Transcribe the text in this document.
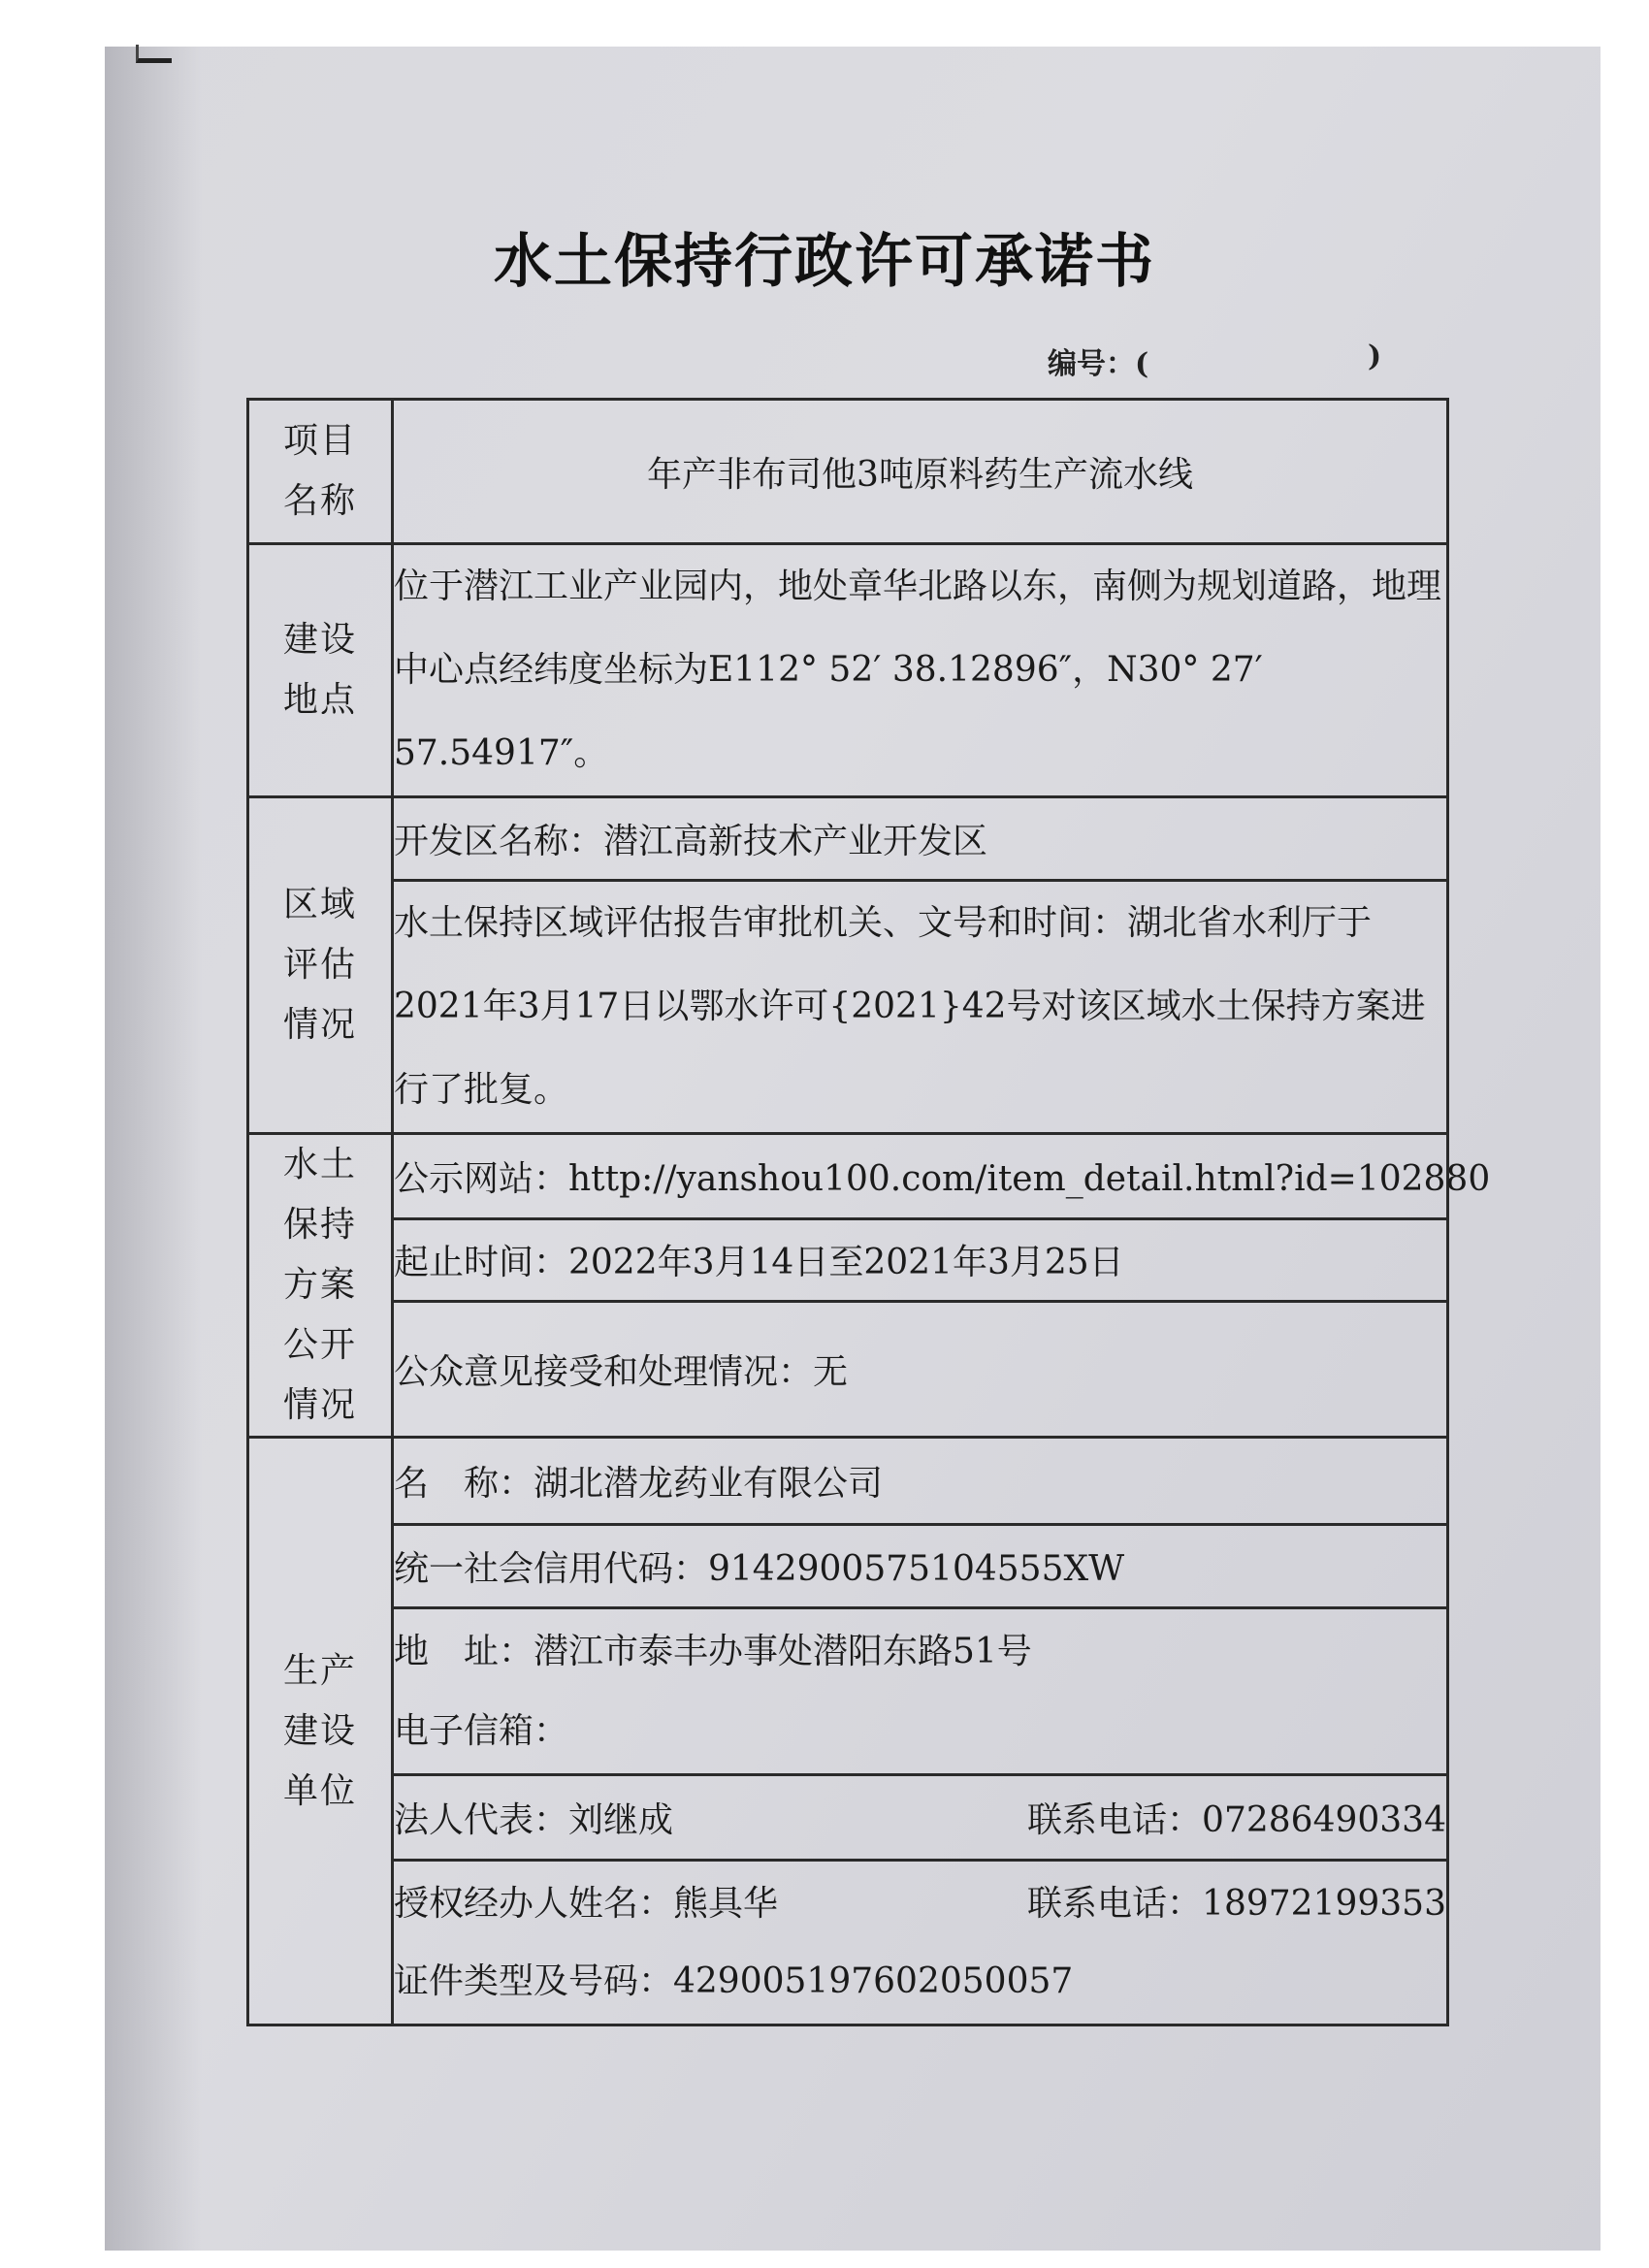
水土保持行政许可承诺书
编号：(	)
项目
名称	年产非布司他3吨原料药生产流水线

建设
地点	位于潜江工业产业园内，地处章华北路以东，南侧为规划道路，地理中心点经纬度坐标为E112° 52′ 38.12896″，N30° 27′ 57.54917″。

区域
评估
情况	开发区名称：潜江高新技术产业开发区
	水土保持区域评估报告审批机关、文号和时间：湖北省水利厅于2021年3月17日以鄂水许可{2021}42号对该区域水土保持方案进行了批复。

水土
保持
方案
公开
情况	公示网站：http://yanshou100.com/item_detail.html?id=102880
	起止时间：2022年3月14日至2021年3月25日
	公众意见接受和处理情况：无

生产
建设
单位	名　称：湖北潜龙药业有限公司
	统一社会信用代码：9142900575104555XW

	地　址：潜江市泰丰办事处潜阳东路51号
电子信箱：

	法人代表：刘继成 联系电话：07286490334

	授权经办人姓名：熊具华 联系电话：18972199353
证件类型及号码：429005197602050057
